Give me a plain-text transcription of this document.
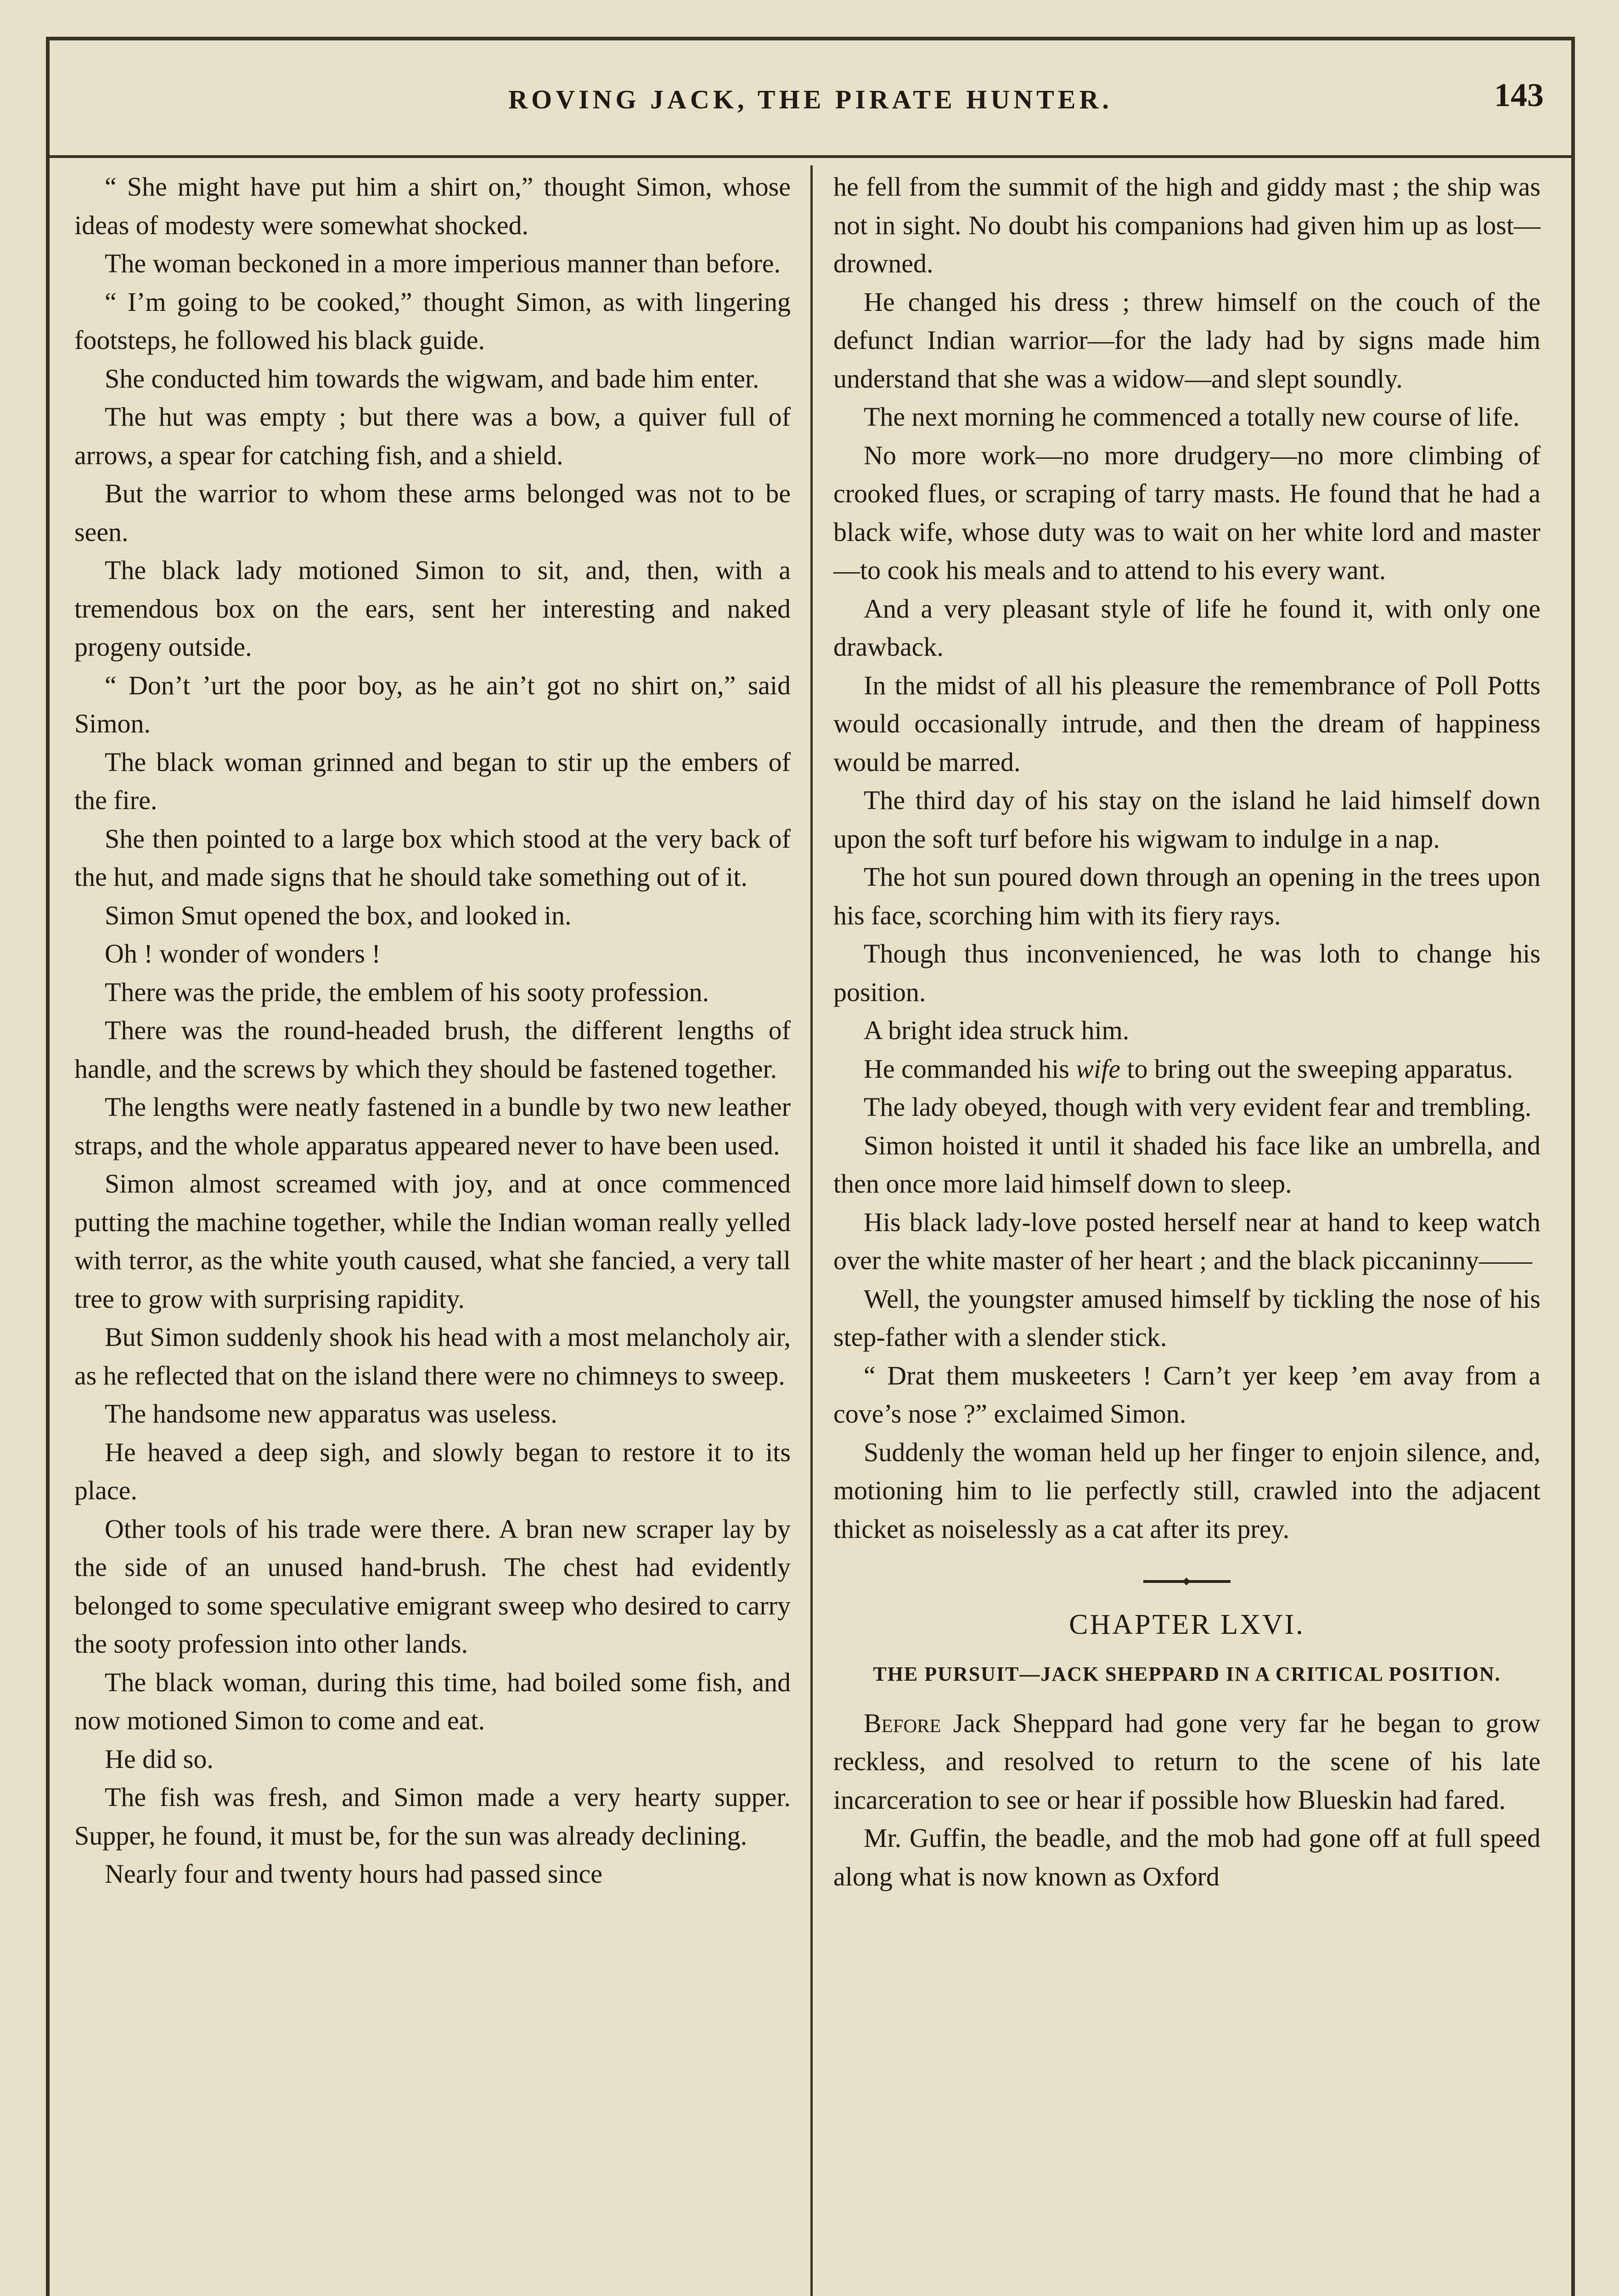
ROVING JACK, THE PIRATE HUNTER.	143

“ She might have put him a shirt on,” thought Simon, whose ideas of modesty were somewhat shocked.

The woman beckoned in a more imperious manner than before.

“ I’m going to be cooked,” thought Simon, as with lingering footsteps, he followed his black guide.

She conducted him towards the wigwam, and bade him enter.

The hut was empty ; but there was a bow, a quiver full of arrows, a spear for catching fish, and a shield.

But the warrior to whom these arms belonged was not to be seen.

The black lady motioned Simon to sit, and, then, with a tremendous box on the ears, sent her interesting and naked progeny outside.

“ Don’t ’urt the poor boy, as he ain’t got no shirt on,” said Simon.

The black woman grinned and began to stir up the embers of the fire.

She then pointed to a large box which stood at the very back of the hut, and made signs that he should take something out of it.

Simon Smut opened the box, and looked in.

Oh ! wonder of wonders !

There was the pride, the emblem of his sooty profession.

There was the round-headed brush, the different lengths of handle, and the screws by which they should be fastened together.

The lengths were neatly fastened in a bundle by two new leather straps, and the whole apparatus appeared never to have been used.

Simon almost screamed with joy, and at once commenced putting the machine together, while the Indian woman really yelled with terror, as the white youth caused, what she fancied, a very tall tree to grow with surprising rapidity.

But Simon suddenly shook his head with a most melancholy air, as he reflected that on the island there were no chimneys to sweep.

The handsome new apparatus was useless.

He heaved a deep sigh, and slowly began to restore it to its place.

Other tools of his trade were there. A bran new scraper lay by the side of an unused hand-brush. The chest had evidently belonged to some speculative emigrant sweep who desired to carry the sooty profession into other lands.

The black woman, during this time, had boiled some fish, and now motioned Simon to come and eat.

He did so.

The fish was fresh, and Simon made a very hearty supper. Supper, he found, it must be, for the sun was already declining.

Nearly four and twenty hours had passed since

he fell from the summit of the high and giddy mast ; the ship was not in sight. No doubt his companions had given him up as lost—drowned.

He changed his dress ; threw himself on the couch of the defunct Indian warrior—for the lady had by signs made him understand that she was a widow—and slept soundly.

The next morning he commenced a totally new course of life.

No more work—no more drudgery—no more climbing of crooked flues, or scraping of tarry masts. He found that he had a black wife, whose duty was to wait on her white lord and master—to cook his meals and to attend to his every want.

And a very pleasant style of life he found it, with only one drawback.

In the midst of all his pleasure the remembrance of Poll Potts would occasionally intrude, and then the dream of happiness would be marred.

The third day of his stay on the island he laid himself down upon the soft turf before his wigwam to indulge in a nap.

The hot sun poured down through an opening in the trees upon his face, scorching him with its fiery rays.

Though thus inconvenienced, he was loth to change his position.

A bright idea struck him.

He commanded his wife to bring out the sweeping apparatus.

The lady obeyed, though with very evident fear and trembling.

Simon hoisted it until it shaded his face like an umbrella, and then once more laid himself down to sleep.

His black lady-love posted herself near at hand to keep watch over the white master of her heart ; and the black piccaninny——

Well, the youngster amused himself by tickling the nose of his step-father with a slender stick.

“ Drat them muskeeters ! Carn’t yer keep ’em avay from a cove’s nose ?” exclaimed Simon.

Suddenly the woman held up her finger to enjoin silence, and, motioning him to lie perfectly still, crawled into the adjacent thicket as noiselessly as a cat after its prey.

CHAPTER LXVI.
THE PURSUIT—JACK SHEPPARD IN A CRITICAL POSITION.

Before Jack Sheppard had gone very far he began to grow reckless, and resolved to return to the scene of his late incarceration to see or hear if possible how Blueskin had fared.

Mr. Guffin, the beadle, and the mob had gone off at full speed along what is now known as Oxford
